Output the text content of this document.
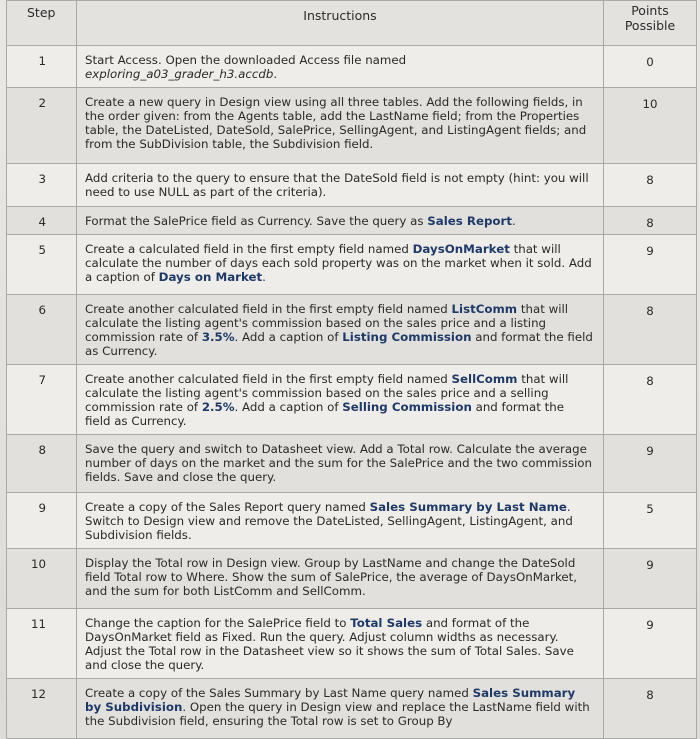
Step	Instructions	Points
Possible
1	Start Access. Open the downloaded Access file named exploring_a03_grader_h3.accdb.	0
2	Create a new query in Design view using all three tables. Add the following fields, in the order given: from the Agents table, add the LastName field; from the Properties table, the DateListed, DateSold, SalePrice, SellingAgent, and ListingAgent fields; and from the SubDivision table, the Subdivision field.	10
3	Add criteria to the query to ensure that the DateSold field is not empty (hint: you will need to use NULL as part of the criteria).	8
4	Format the SalePrice field as Currency. Save the query as Sales Report.	8
5	Create a calculated field in the first empty field named DaysOnMarket that will calculate the number of days each sold property was on the market when it sold. Add a caption of Days on Market.	9
6	Create another calculated field in the first empty field named ListComm that will calculate the listing agent's commission based on the sales price and a listing commission rate of 3.5%. Add a caption of Listing Commission and format the field as Currency.	8
7	Create another calculated field in the first empty field named SellComm that will calculate the listing agent's commission based on the sales price and a selling commission rate of 2.5%. Add a caption of Selling Commission and format the field as Currency.	8
8	Save the query and switch to Datasheet view. Add a Total row. Calculate the average number of days on the market and the sum for the SalePrice and the two commission fields. Save and close the query.	9
9	Create a copy of the Sales Report query named Sales Summary by Last Name. Switch to Design view and remove the DateListed, SellingAgent, ListingAgent, and Subdivision fields.	5
10	Display the Total row in Design view. Group by LastName and change the DateSold field Total row to Where. Show the sum of SalePrice, the average of DaysOnMarket, and the sum for both ListComm and SellComm.	9
11	Change the caption for the SalePrice field to Total Sales and format of the DaysOnMarket field as Fixed. Run the query. Adjust column widths as necessary. Adjust the Total row in the Datasheet view so it shows the sum of Total Sales. Save and close the query.	9
12	Create a copy of the Sales Summary by Last Name query named Sales Summary by Subdivision. Open the query in Design view and replace the LastName field with the Subdivision field, ensuring the Total row is set to Group By	8
